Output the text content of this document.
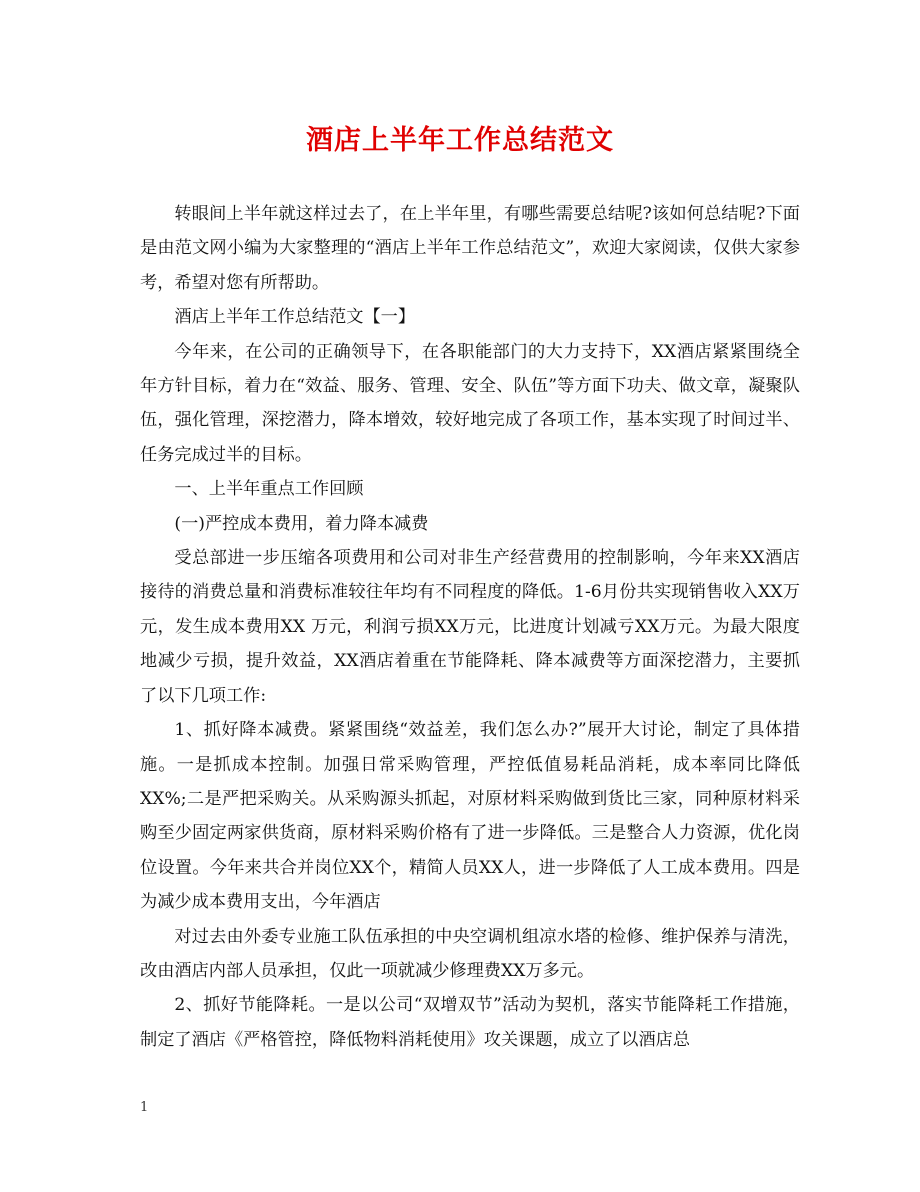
酒店上半年工作总结范文

转眼间上半年就这样过去了，在上半年里，有哪些需要总结呢?该如何总结呢?下面是由范文网小编为大家整理的“酒店上半年工作总结范文”，欢迎大家阅读，仅供大家参考，希望对您有所帮助。

酒店上半年工作总结范文【一】

今年来，在公司的正确领导下，在各职能部门的大力支持下，XX酒店紧紧围绕全年方针目标，着力在“效益、服务、管理、安全、队伍”等方面下功夫、做文章，凝聚队伍，强化管理，深挖潜力，降本增效，较好地完成了各项工作，基本实现了时间过半、任务完成过半的目标。

一、上半年重点工作回顾

(一)严控成本费用，着力降本减费

受总部进一步压缩各项费用和公司对非生产经营费用的控制影响，今年来XX酒店接待的消费总量和消费标准较往年均有不同程度的降低。1-6月份共实现销售收入XX万元，发生成本费用XX 万元，利润亏损XX万元，比进度计划减亏XX万元。为最大限度地减少亏损，提升效益，XX酒店着重在节能降耗、降本减费等方面深挖潜力，主要抓了以下几项工作:

1、抓好降本减费。紧紧围绕“效益差，我们怎么办?”展开大讨论，制定了具体措施。一是抓成本控制。加强日常采购管理，严控低值易耗品消耗，成本率同比降低XX%;二是严把采购关。从采购源头抓起，对原材料采购做到货比三家，同种原材料采购至少固定两家供货商，原材料采购价格有了进一步降低。三是整合人力资源，优化岗位设置。今年来共合并岗位XX个，精简人员XX人，进一步降低了人工成本费用。四是为减少成本费用支出，今年酒店

对过去由外委专业施工队伍承担的中央空调机组凉水塔的检修、维护保养与清洗，改由酒店内部人员承担，仅此一项就减少修理费XX万多元。

2、抓好节能降耗。一是以公司“双增双节”活动为契机，落实节能降耗工作措施，制定了酒店《严格管控，降低物料消耗使用》攻关课题，成立了以酒店总

1
